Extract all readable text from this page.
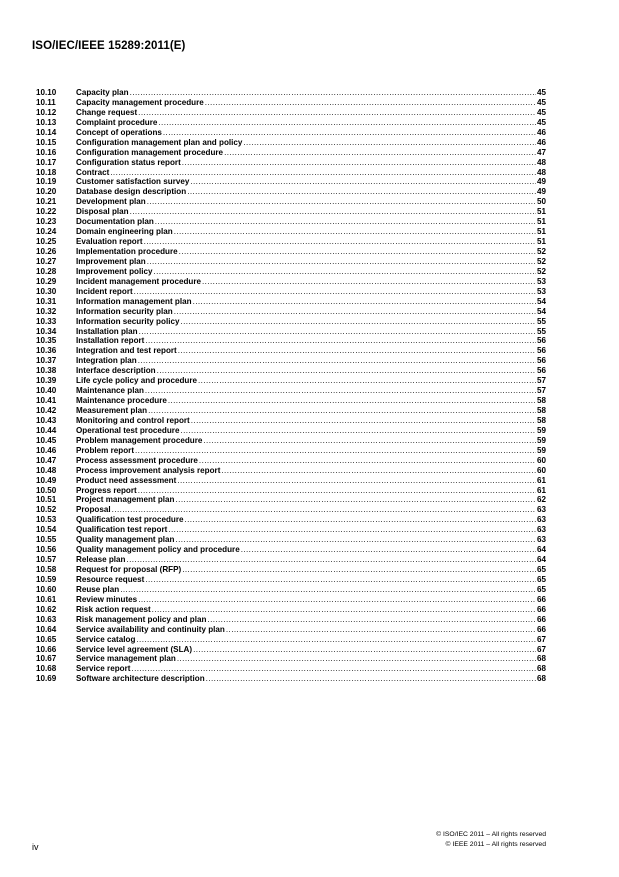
ISO/IEC/IEEE 15289:2011(E)
10.10	Capacity plan .....	45
10.11	Capacity management procedure .....	45
10.12	Change request .....	45
10.13	Complaint procedure .....	45
10.14	Concept of operations .....	46
10.15	Configuration management plan and policy .....	46
10.16	Configuration management procedure .....	47
10.17	Configuration status report .....	48
10.18	Contract .....	48
10.19	Customer satisfaction survey .....	49
10.20	Database design description .....	49
10.21	Development plan .....	50
10.22	Disposal plan .....	51
10.23	Documentation plan .....	51
10.24	Domain engineering plan .....	51
10.25	Evaluation report .....	51
10.26	Implementation procedure .....	52
10.27	Improvement plan .....	52
10.28	Improvement policy .....	52
10.29	Incident management procedure .....	53
10.30	Incident report .....	53
10.31	Information management plan .....	54
10.32	Information security plan .....	54
10.33	Information security policy .....	55
10.34	Installation plan .....	55
10.35	Installation report .....	56
10.36	Integration and test report .....	56
10.37	Integration plan .....	56
10.38	Interface description .....	56
10.39	Life cycle policy and procedure .....	57
10.40	Maintenance plan .....	57
10.41	Maintenance procedure .....	58
10.42	Measurement plan .....	58
10.43	Monitoring and control report .....	58
10.44	Operational test procedure .....	59
10.45	Problem management procedure .....	59
10.46	Problem report .....	59
10.47	Process assessment procedure .....	60
10.48	Process improvement analysis report .....	60
10.49	Product need assessment .....	61
10.50	Progress report .....	61
10.51	Project management plan .....	62
10.52	Proposal .....	63
10.53	Qualification test procedure .....	63
10.54	Qualification test report .....	63
10.55	Quality management plan .....	63
10.56	Quality management policy and procedure .....	64
10.57	Release plan .....	64
10.58	Request for proposal (RFP) .....	65
10.59	Resource request .....	65
10.60	Reuse plan .....	65
10.61	Review minutes .....	66
10.62	Risk action request .....	66
10.63	Risk management policy and plan .....	66
10.64	Service availability and continuity plan .....	66
10.65	Service catalog .....	67
10.66	Service level agreement (SLA) .....	67
10.67	Service management plan .....	68
10.68	Service report .....	68
10.69	Software architecture description .....	68
iv
© ISO/IEC 2011 – All rights reserved
© IEEE 2011 – All rights reserved
